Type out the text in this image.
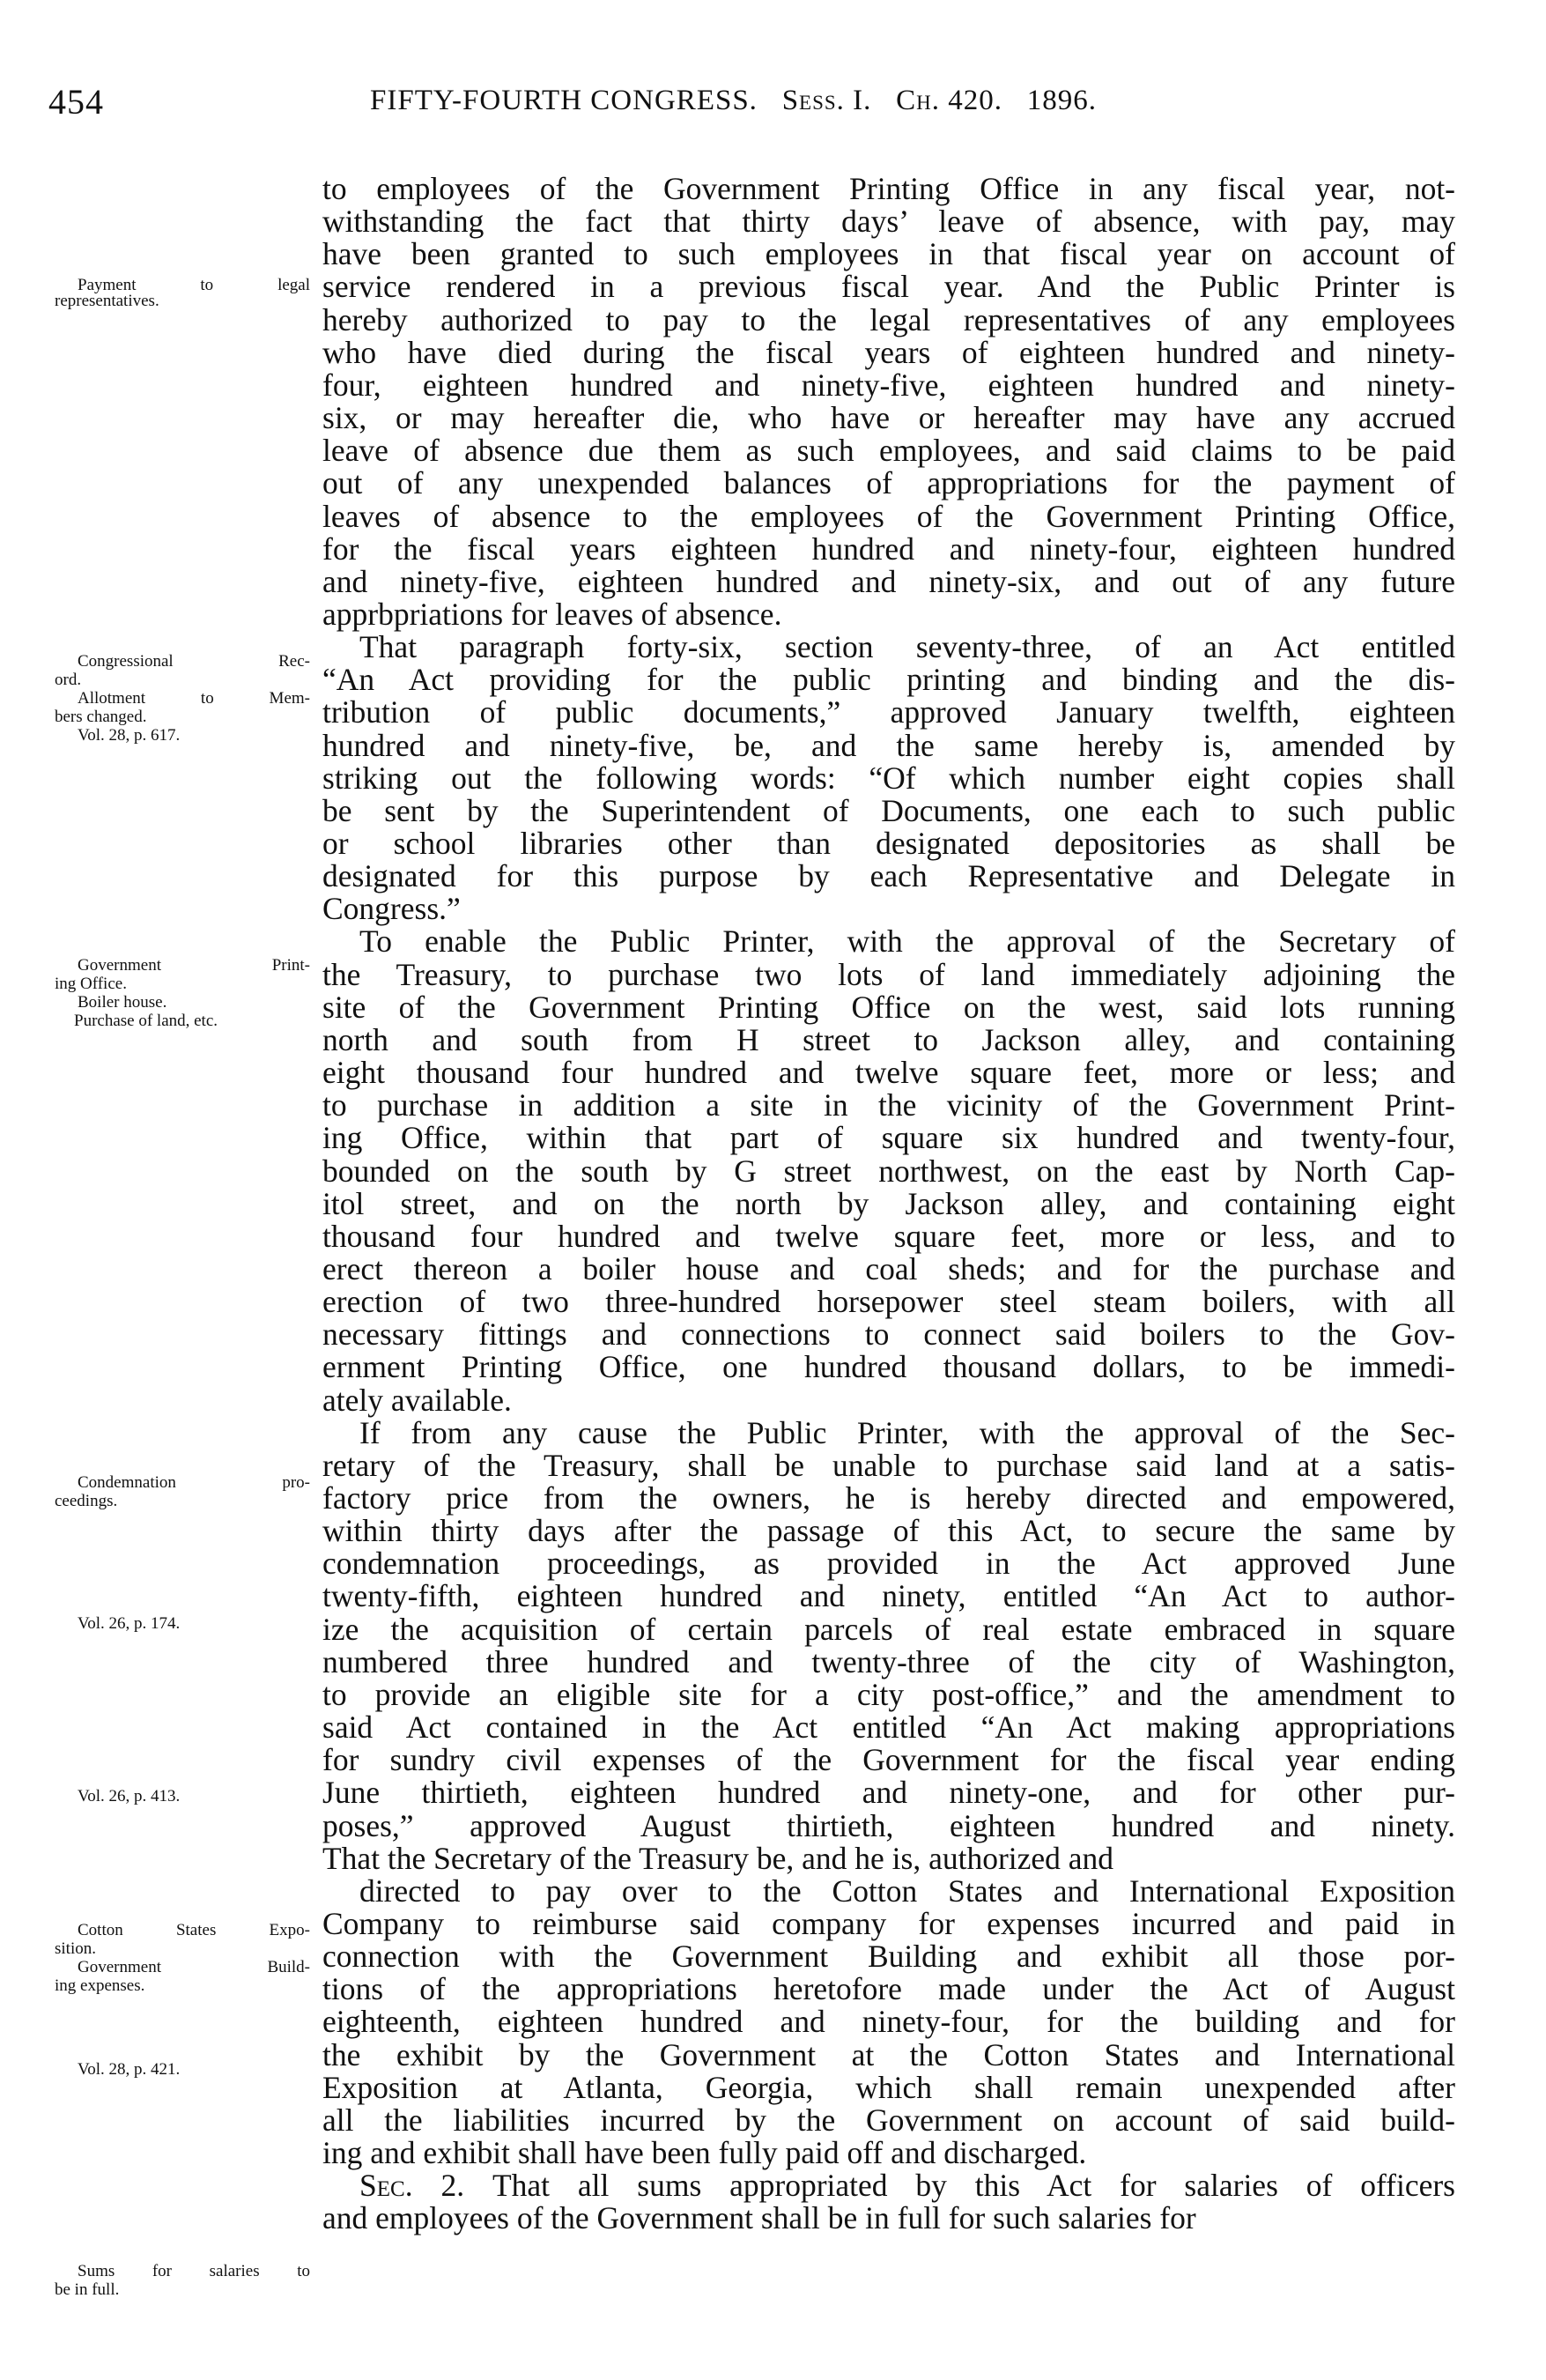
454	FIFTY-FOURTH CONGRESS. Sess. I. Ch. 420. 1896.
to employees of the Government Printing Office in any fiscal year, not-
withstanding the fact that thirty days’ leave of absence, with pay, may
have been granted to such employees in that fiscal year on account of
service rendered in a previous fiscal year. And the Public Printer is
hereby authorized to pay to the legal representatives of any employees
who have died during the fiscal years of eighteen hundred and ninety-
four, eighteen hundred and ninety-five, eighteen hundred and ninety-
six, or may hereafter die, who have or hereafter may have any accrued
leave of absence due them as such employees, and said claims to be paid
out of any unexpended balances of appropriations for the payment of
leaves of absence to the employees of the Government Printing Office,
for the fiscal years eighteen hundred and ninety-four, eighteen hundred
and ninety-five, eighteen hundred and ninety-six, and out of any future
apprbpriations for leaves of absence.
That paragraph forty-six, section seventy-three, of an Act entitled
“An Act providing for the public printing and binding and the dis-
tribution of public documents,” approved January twelfth, eighteen
hundred and ninety-five, be, and the same hereby is, amended by
striking out the following words: “Of which number eight copies shall
be sent by the Superintendent of Documents, one each to such public
or school libraries other than designated depositories as shall be
designated for this purpose by each Representative and Delegate in
Congress.”
To enable the Public Printer, with the approval of the Secretary of
the Treasury, to purchase two lots of land immediately adjoining the
site of the Government Printing Office on the west, said lots running
north and south from H street to Jackson alley, and containing
eight thousand four hundred and twelve square feet, more or less; and
to purchase in addition a site in the vicinity of the Government Print-
ing Office, within that part of square six hundred and twenty-four,
bounded on the south by G street northwest, on the east by North Cap-
itol street, and on the north by Jackson alley, and containing eight
thousand four hundred and twelve square feet, more or less, and to
erect thereon a boiler house and coal sheds; and for the purchase and
erection of two three-hundred horsepower steel steam boilers, with all
necessary fittings and connections to connect said boilers to the Gov-
ernment Printing Office, one hundred thousand dollars, to be immedi-
ately available.
If from any cause the Public Printer, with the approval of the Sec-
retary of the Treasury, shall be unable to purchase said land at a satis-
factory price from the owners, he is hereby directed and empowered,
within thirty days after the passage of this Act, to secure the same by
condemnation proceedings, as provided in the Act approved June
twenty-fifth, eighteen hundred and ninety, entitled “An Act to author-
ize the acquisition of certain parcels of real estate embraced in square
numbered three hundred and twenty-three of the city of Washington,
to provide an eligible site for a city post-office,” and the amendment to
said Act contained in the Act entitled “An Act making appropriations
for sundry civil expenses of the Government for the fiscal year ending
June thirtieth, eighteen hundred and ninety-one, and for other pur-
poses,” approved August thirtieth, eighteen hundred and ninety.
That the Secretary of the Treasury be, and he is, authorized and
directed to pay over to the Cotton States and International Exposition
Company to reimburse said company for expenses incurred and paid in
connection with the Government Building and exhibit all those por-
tions of the appropriations heretofore made under the Act of August
eighteenth, eighteen hundred and ninety-four, for the building and for
the exhibit by the Government at the Cotton States and International
Exposition at Atlanta, Georgia, which shall remain unexpended after
all the liabilities incurred by the Government on account of said build-
ing and exhibit shall have been fully paid off and discharged.
Sec. 2. That all sums appropriated by this Act for salaries of officers
and employees of the Government shall be in full for such salaries for
Payment to legal
representatives.
Congressional Rec-
ord.
Allotment to Mem-
bers changed.
Vol. 28, p. 617.
Government Print-
ing Office.
Boiler house.
Purchase of land, etc.
Condemnation pro-
ceedings.
Vol. 26, p. 174.
Vol. 26, p. 413.
Cotton States Expo-
sition.
Government Build-
ing expenses.
Vol. 28, p. 421.
Sums for salaries to
be in full.
